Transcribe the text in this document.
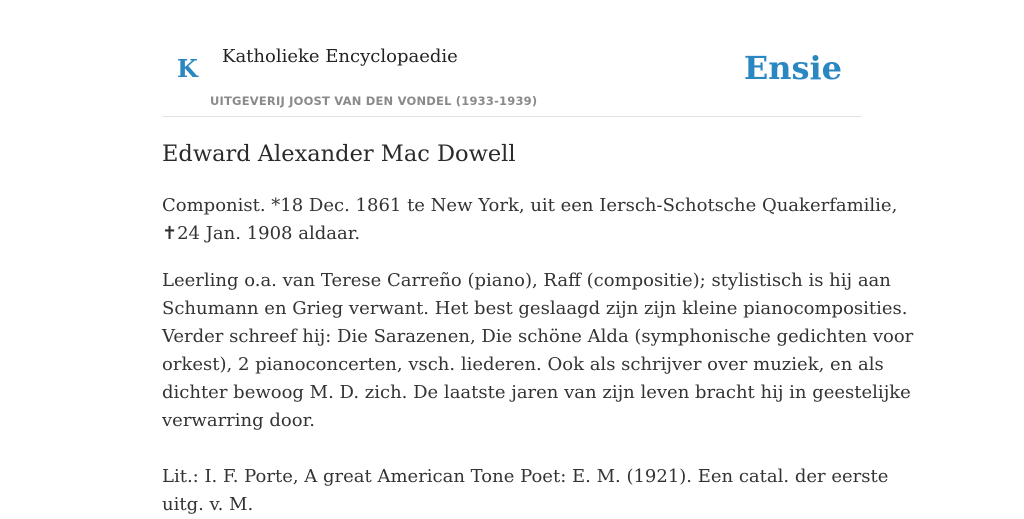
K Katholieke Encyclopaedie
UITGEVERIJ JOOST VAN DEN VONDEL (1933-1939)
Ensie
Edward Alexander Mac Dowell

Componist. *18 Dec. 1861 te New York, uit een Iersch-Schotsche Quakerfamilie,
✝24 Jan. 1908 aldaar.

Leerling o.a. van Terese Carreño (piano), Raff (compositie); stylistisch is hij aan
Schumann en Grieg verwant. Het best geslaagd zijn zijn kleine pianocomposities.
Verder schreef hij: Die Sarazenen, Die schöne Alda (symphonische gedichten voor
orkest), 2 pianoconcerten, vsch. liederen. Ook als schrijver over muziek, en als
dichter bewoog M. D. zich. De laatste jaren van zijn leven bracht hij in geestelijke
verwarring door.

Lit.: I. F. Porte, A great American Tone Poet: E. M. (1921). Een catal. der eerste
uitg. v. M.
